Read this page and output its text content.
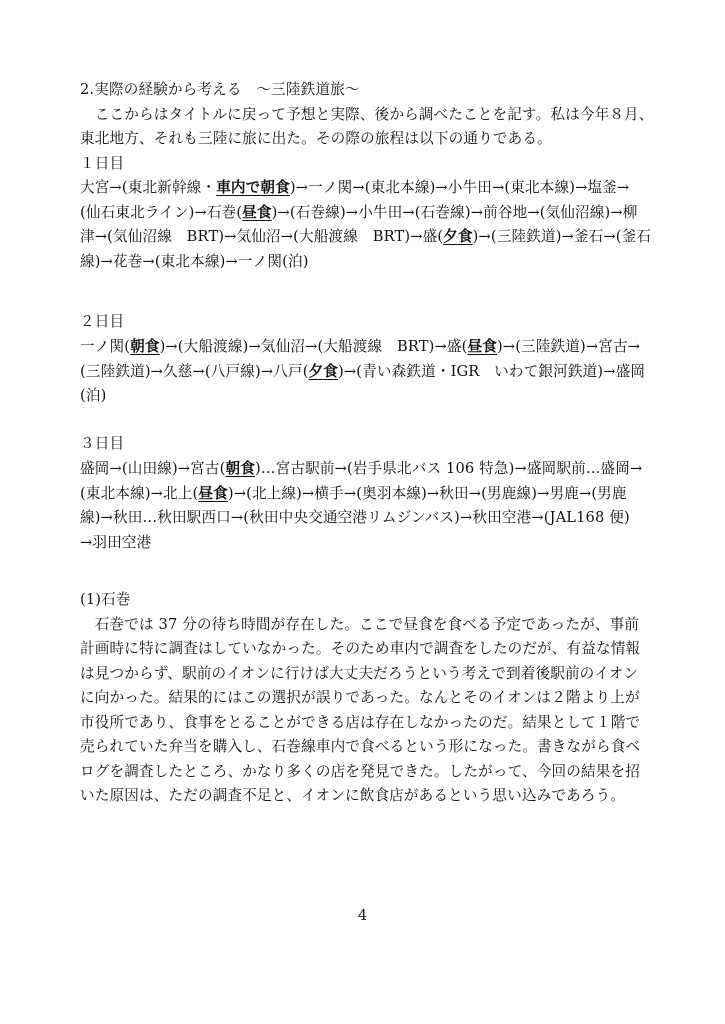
2.実際の経験から考える　～三陸鉄道旅～
　ここからはタイトルに戻って予想と実際、後から調べたことを記す。私は今年８月、
東北地方、それも三陸に旅に出た。その際の旅程は以下の通りである。
１日目
大宮→(東北新幹線・車内で朝食)→一ノ関→(東北本線)→小牛田→(東北本線)→塩釜→
(仙石東北ライン)→石巻(昼食)→(石巻線)→小牛田→(石巻線)→前谷地→(気仙沼線)→柳
津→(気仙沼線　BRT)→気仙沼→(大船渡線　BRT)→盛(夕食)→(三陸鉄道)→釜石→(釜石
線)→花巻→(東北本線)→一ノ関(泊)
２日目
一ノ関(朝食)→(大船渡線)→気仙沼→(大船渡線　BRT)→盛(昼食)→(三陸鉄道)→宮古→
(三陸鉄道)→久慈→(八戸線)→八戸(夕食)→(青い森鉄道・IGR　いわて銀河鉄道)→盛岡
(泊)
３日目
盛岡→(山田線)→宮古(朝食)…宮古駅前→(岩手県北バス 106 特急)→盛岡駅前…盛岡→
(東北本線)→北上(昼食)→(北上線)→横手→(奥羽本線)→秋田→(男鹿線)→男鹿→(男鹿
線)→秋田…秋田駅西口→(秋田中央交通空港リムジンバス)→秋田空港→(JAL168 便)
→羽田空港
(1)石巻
　石巻では 37 分の待ち時間が存在した。ここで昼食を食べる予定であったが、事前
計画時に特に調査はしていなかった。そのため車内で調査をしたのだが、有益な情報
は見つからず、駅前のイオンに行けば大丈夫だろうという考えで到着後駅前のイオン
に向かった。結果的にはこの選択が誤りであった。なんとそのイオンは２階より上が
市役所であり、食事をとることができる店は存在しなかったのだ。結果として１階で
売られていた弁当を購入し、石巻線車内で食べるという形になった。書きながら食ベ
ログを調査したところ、かなり多くの店を発見できた。したがって、今回の結果を招
いた原因は、ただの調査不足と、イオンに飲食店があるという思い込みであろう。
4
